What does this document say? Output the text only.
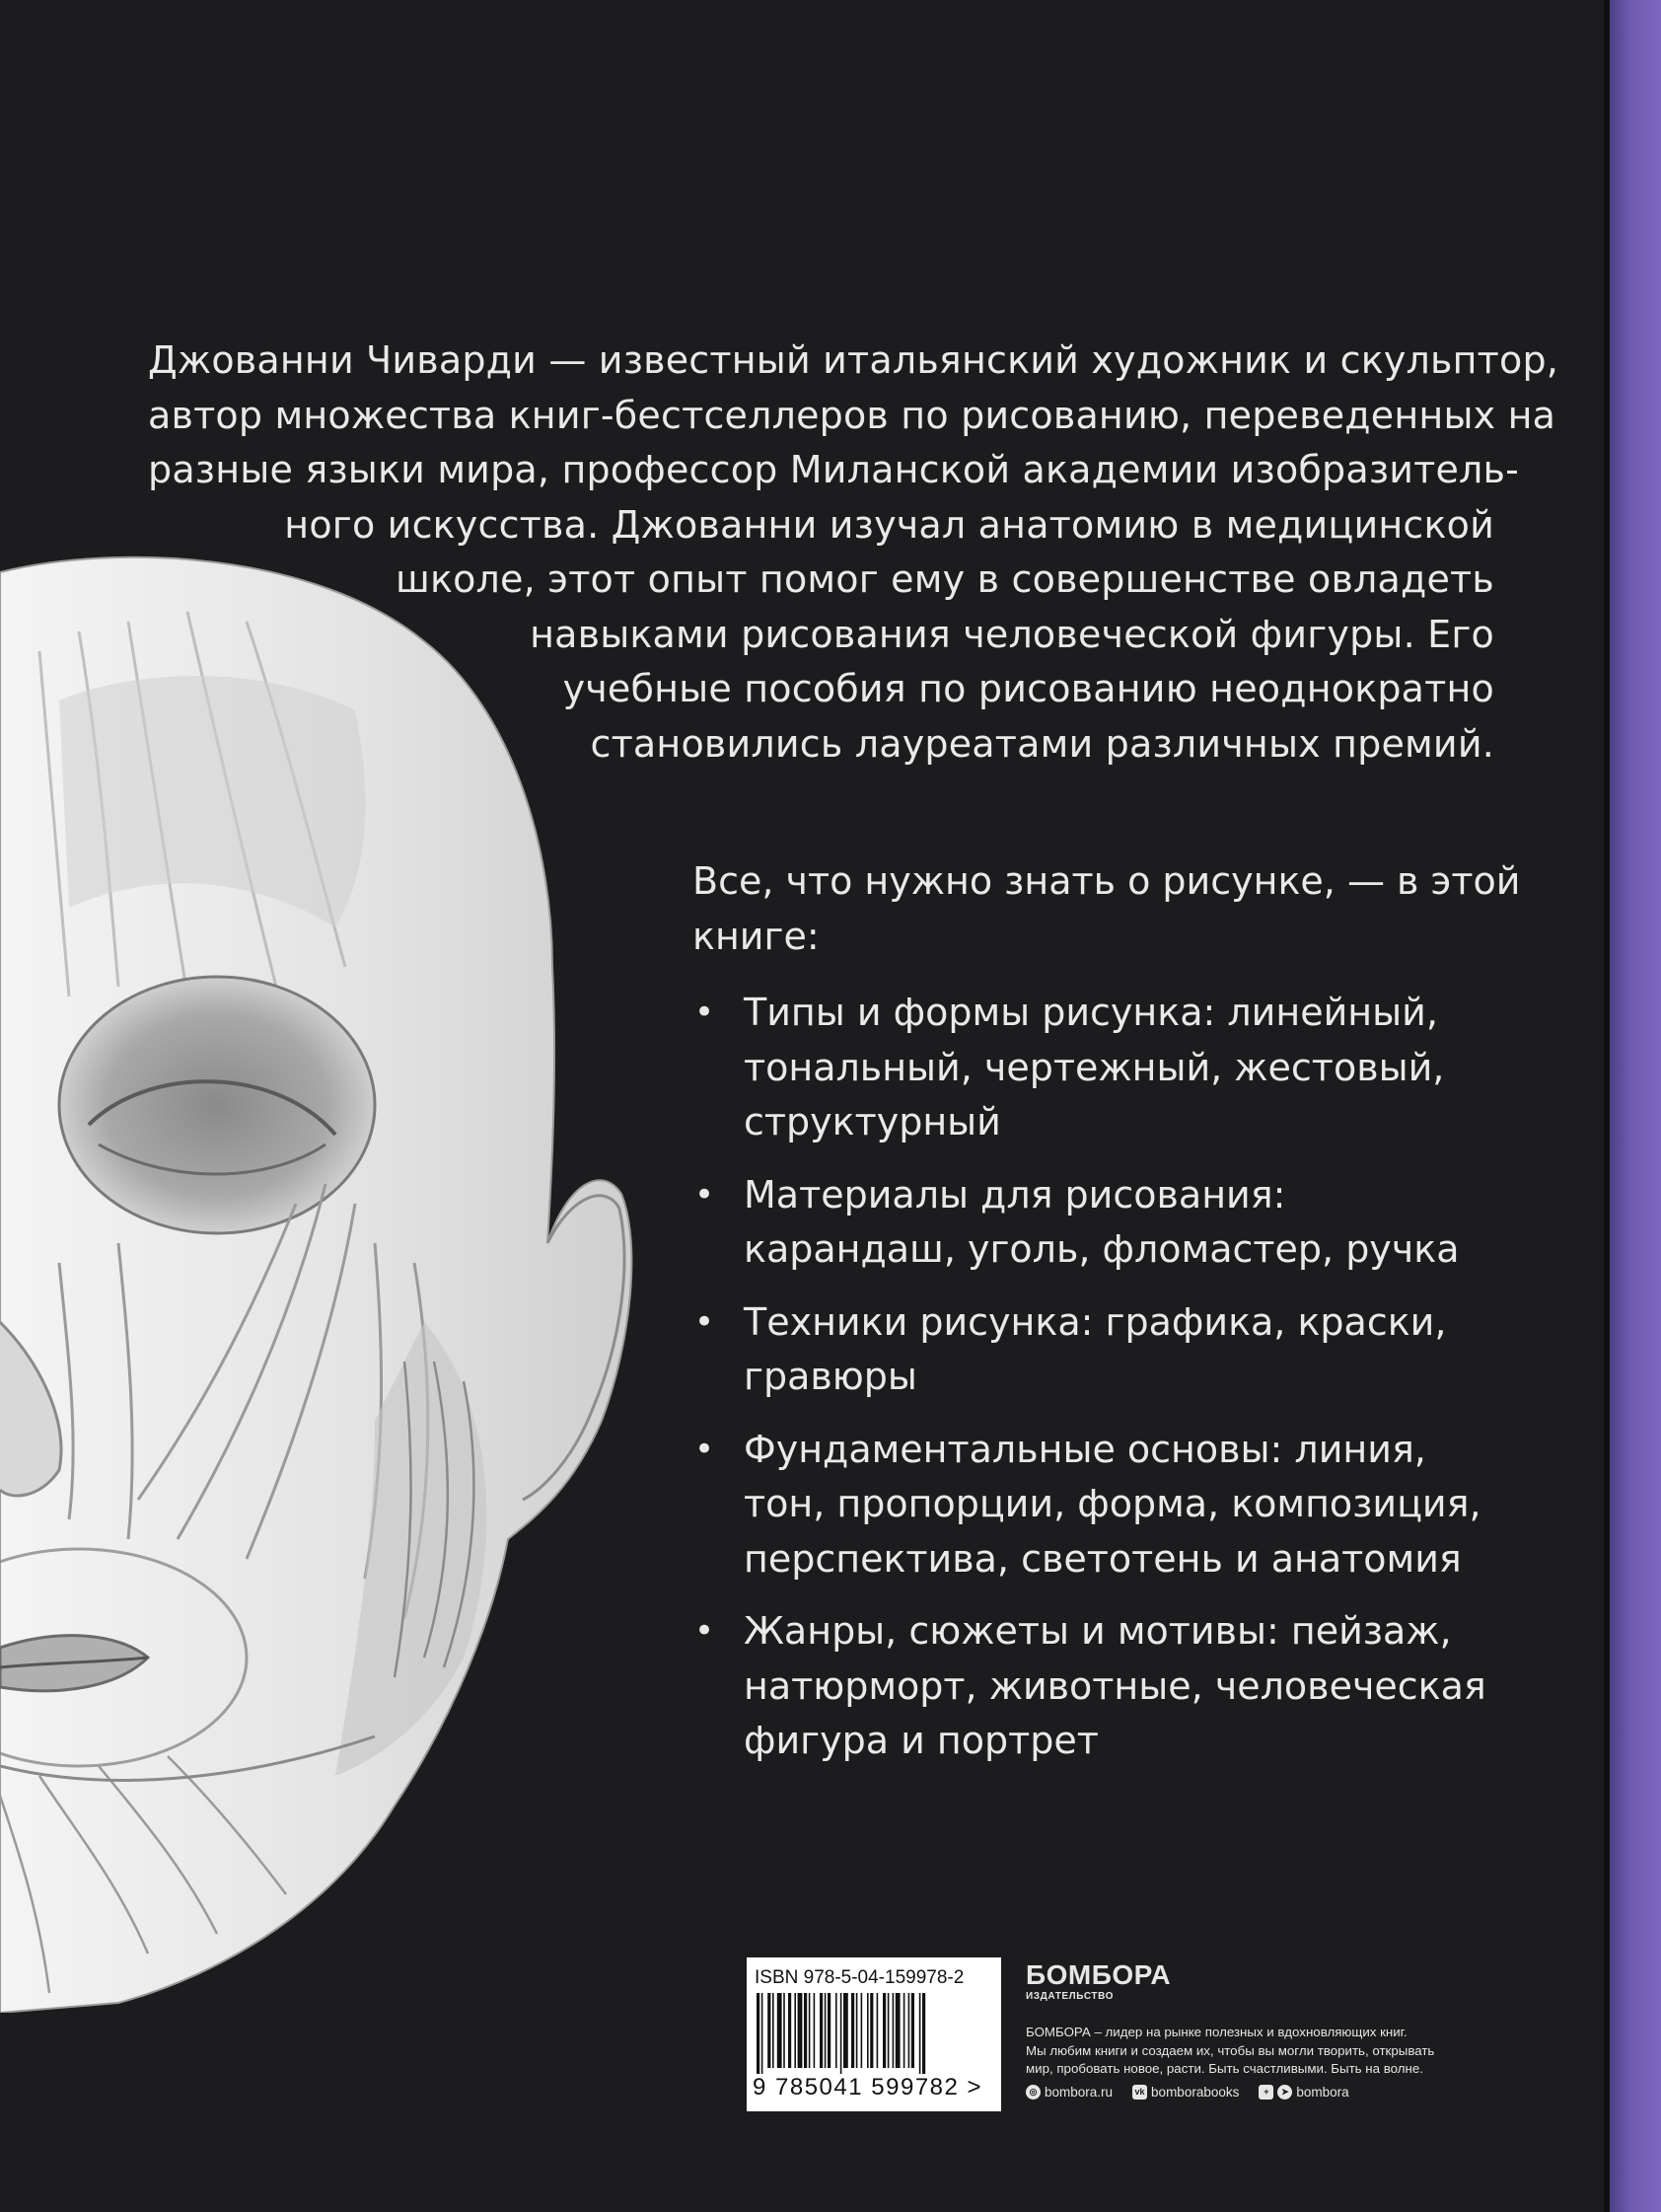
Джованни Чиварди — известный итальянский художник и скульптор,
автор множества книг-бестселлеров по рисованию, переведенных на
разные языки мира, профессор Миланской академии изобразитель-
ного искусства. Джованни изучал анатомию в медицинской
школе, этот опыт помог ему в совершенстве овладеть
навыками рисования человеческой фигуры. Его
учебные пособия по рисованию неоднократно
становились лауреатами различных премий.
Все, что нужно знать о рисунке, — в этой
книге:
• Типы и формы рисунка: линейный,
тональный, чертежный, жестовый,
структурный
• Материалы для рисования:
карандаш, уголь, фломастер, ручка
• Техники рисунка: графика, краски,
гравюры
• Фундаментальные основы: линия,
тон, пропорции, форма, композиция,
перспектива, светотень и анатомия
• Жанры, сюжеты и мотивы: пейзаж,
натюрморт, животные, человеческая
фигура и портрет
ISBN 978-5-04-159978-2
9 785041 599782 >
БОМБОРА
ИЗДАТЕЛЬСТВО
БОМБОРА – лидер на рынке полезных и вдохновляющих книг.
Мы любим книги и создаем их, чтобы вы могли творить, открывать
мир, пробовать новое, расти. Быть счастливыми. Быть на волне.
◎ bombora.ru vk bomborabooks	+	➤ bombora
